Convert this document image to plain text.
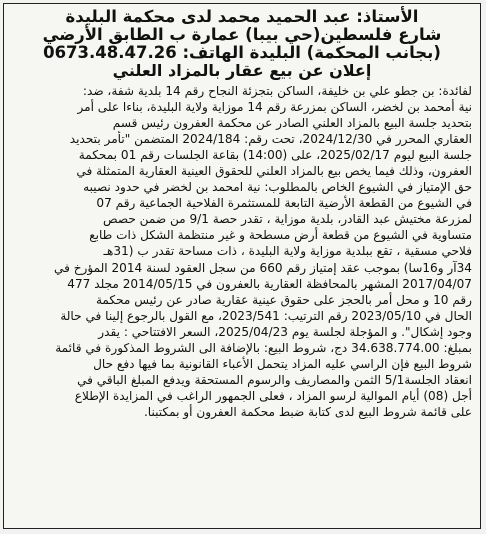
الأستاذ: عبد الحميد محمد لدى محكمة البليدة
شارع فلسطين(حي بيبا) عمارة ب الطابق الأرضي
(بجانب المحكمة) البليدة الهاتف: 0673.48.47.26
إعلان عن بيع عقار بالمزاد العلني
لفائدة: بن جطو علي بن خليفة، الساكن بتجزئة النجاح رقم 14 بلدية شفة، ضد:
نية أمحمد بن لخضر، الساكن بمزرعة رقم 14 موزاية ولاية البليدة، بناءا على أمر
بتحديد جلسة البيع بالمزاد العلني الصادر عن محكمة العفرون رئيس قسم
العقاري المحرر في 2024/12/30، تحت رقم: 2024/184 المتضمن "تأمر بتحديد
جلسة البيع ليوم 2025/02/17، على (14:00) بقاعة الجلسات رقم 01 بمحكمة
العفرون، وذلك فيما يخص بيع بالمزاد العلني للحقوق العينية العقارية المتمثلة في
حق الإمتياز في الشيوع الخاص بالمطلوب: نية امحمد بن لخضر في حدود نصيبه
في الشيوع من القطعة الأرضية التابعة للمستثمرة الفلاحية الجماعية رقم 07
لمزرعة مختيش عبد القادر، بلدية موزاية ، تقدر حصة 9/1 من ضمن حصص
متساوية في الشيوع من قطعة أرض مسطحة و غير منتظمة الشكل ذات طابع
فلاحي مسقية ، تقع ببلدية موزاية ولاية البليدة ، ذات مساحة تقدر ب (31هـ
34آر و16سا) بموجب عقد إمتياز رقم 660 من سجل العقود لسنة 2014 المؤرخ في
2017/04/07 المشهر بالمحافظة العقارية بالعفرون في 2014/05/15 مجلد 477
رقم 10 و محل أمر بالحجز على حقوق عينية عقارية صادر عن رئيس محكمة
الحال في 2023/05/10 رقم الترتيب: 2023/541، مع القول بالرجوع إلينا في حالة
وجود إشكال". و المؤجلة لجلسة يوم 2025/04/23، السعر الافتتاحي : يقدر
بمبلغ: 34.638.774.00 دج، شروط البيع: بالإضافة الى الشروط المذكورة في قائمة
شروط البيع فإن الراسي عليه المزاد يتحمل الأعباء القانونية بما فيها دفع حال
انعقاد الجلسة5/1 الثمن والمصاريف والرسوم المستحقة ويدفع المبلغ الباقي في
أجل (08) أيام الموالية لرسو المزاد ، فعلى الجمهور الراغب في المزايدة الإطلاع
على قائمة شروط البيع لدى كتابة ضبط محكمة العفرون أو بمكتبنا.
